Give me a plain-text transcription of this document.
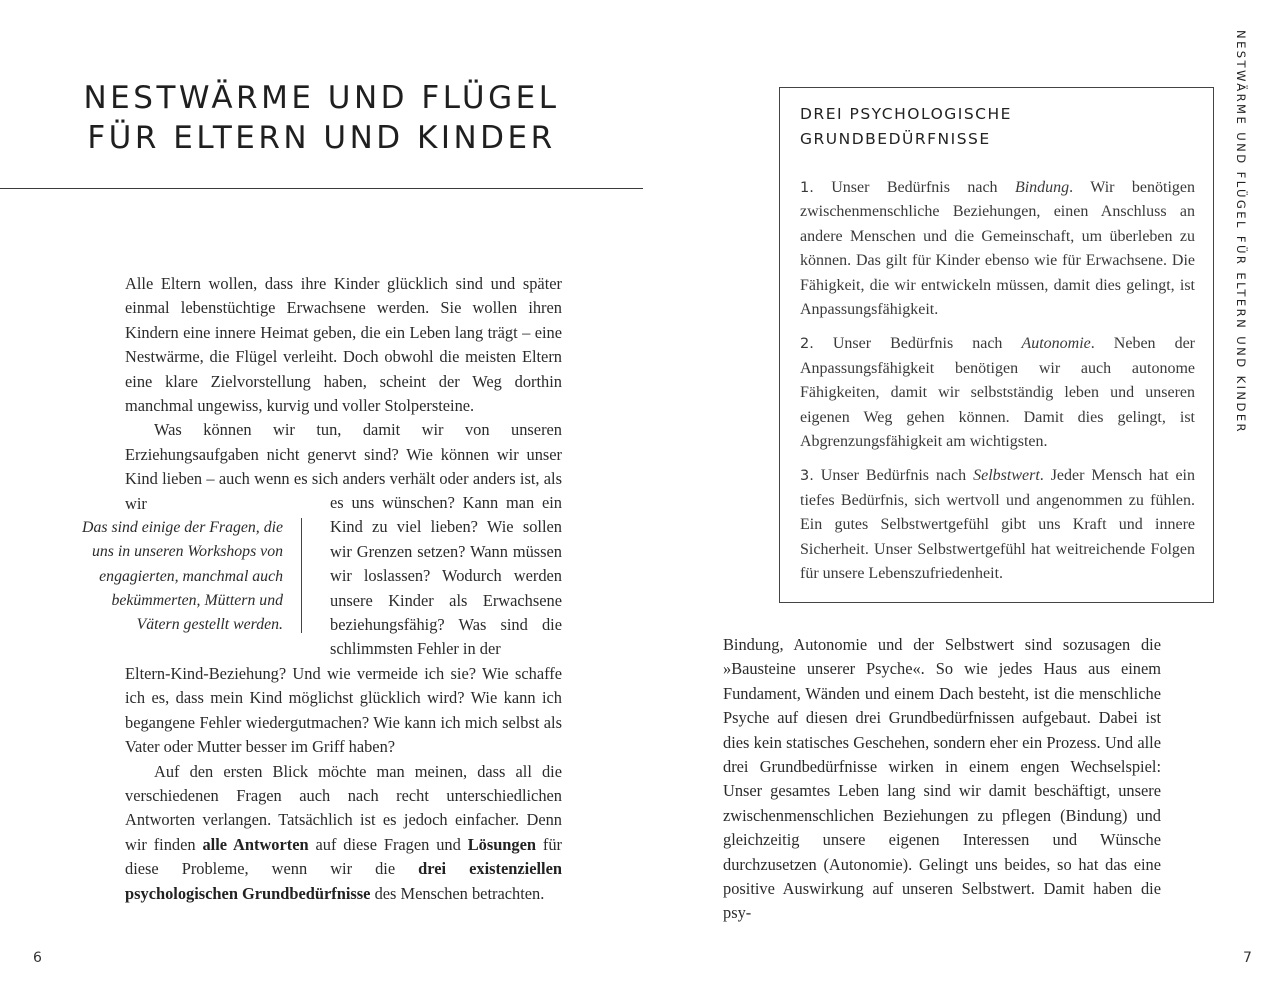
NESTWÄRME UND FLÜGEL
FÜR ELTERN UND KINDER

Alle Eltern wollen, dass ihre Kinder glücklich sind und später einmal lebenstüchtige Erwachsene werden. Sie wollen ihren Kindern eine innere Heimat geben, die ein Leben lang trägt – eine Nestwärme, die Flügel verleiht. Doch obwohl die meisten Eltern eine klare Zielvorstellung haben, scheint der Weg dorthin manchmal ungewiss, kurvig und voller Stolpersteine.

Was können wir tun, damit wir von unseren Erziehungsaufgaben nicht genervt sind? Wie können wir unser Kind lieben – auch wenn es sich anders verhält oder anders ist, als wir

Das sind einige der Fragen, die uns in unseren Workshops von engagierten, manchmal auch bekümmerten, Müttern und Vätern gestellt werden.

es uns wünschen? Kann man ein Kind zu viel lieben? Wie sollen wir Grenzen setzen? Wann müssen wir loslassen? Wodurch werden unsere Kinder als Erwachsene beziehungsfähig? Was sind die schlimmsten Fehler in der

Eltern-Kind-Beziehung? Und wie vermeide ich sie? Wie schaffe ich es, dass mein Kind möglichst glücklich wird? Wie kann ich begangene Fehler wiedergutmachen? Wie kann ich mich selbst als Vater oder Mutter besser im Griff haben?

Auf den ersten Blick möchte man meinen, dass all die verschiedenen Fragen auch nach recht unterschiedlichen Antworten verlangen. Tatsächlich ist es jedoch einfacher. Denn wir finden alle Antworten auf diese Fragen und Lösungen für diese Probleme, wenn wir die drei existenziellen psychologischen Grundbedürfnisse des Menschen betrachten.

6

DREI PSYCHOLOGISCHE
GRUNDBEDÜRFNISSE

1. Unser Bedürfnis nach Bindung. Wir benötigen zwischenmenschliche Beziehungen, einen Anschluss an andere Menschen und die Gemeinschaft, um überleben zu können. Das gilt für Kinder ebenso wie für Erwachsene. Die Fähigkeit, die wir entwickeln müssen, damit dies gelingt, ist Anpassungsfähigkeit.

2. Unser Bedürfnis nach Autonomie. Neben der Anpassungsfähigkeit benötigen wir auch autonome Fähigkeiten, damit wir selbstständig leben und unseren eigenen Weg gehen können. Damit dies gelingt, ist Abgrenzungsfähigkeit am wichtigsten.

3. Unser Bedürfnis nach Selbstwert. Jeder Mensch hat ein tiefes Bedürfnis, sich wertvoll und angenommen zu fühlen. Ein gutes Selbstwertgefühl gibt uns Kraft und innere Sicherheit. Unser Selbstwertgefühl hat weitreichende Folgen für unsere Lebenszufriedenheit.

Bindung, Autonomie und der Selbstwert sind sozusagen die »Bausteine unserer Psyche«. So wie jedes Haus aus einem Fundament, Wänden und einem Dach besteht, ist die menschliche Psyche auf diesen drei Grundbedürfnissen aufgebaut. Dabei ist dies kein statisches Geschehen, sondern eher ein Prozess. Und alle drei Grundbedürfnisse wirken in einem engen Wechselspiel: Unser gesamtes Leben lang sind wir damit beschäftigt, unsere zwischenmenschlichen Beziehungen zu pflegen (Bindung) und gleichzeitig unsere eigenen Interessen und Wünsche durchzusetzen (Autonomie). Gelingt uns beides, so hat das eine positive Auswirkung auf unseren Selbstwert. Damit haben die psy-

NESTWÄRME UND FLÜGEL FÜR ELTERN UND KINDER

7
